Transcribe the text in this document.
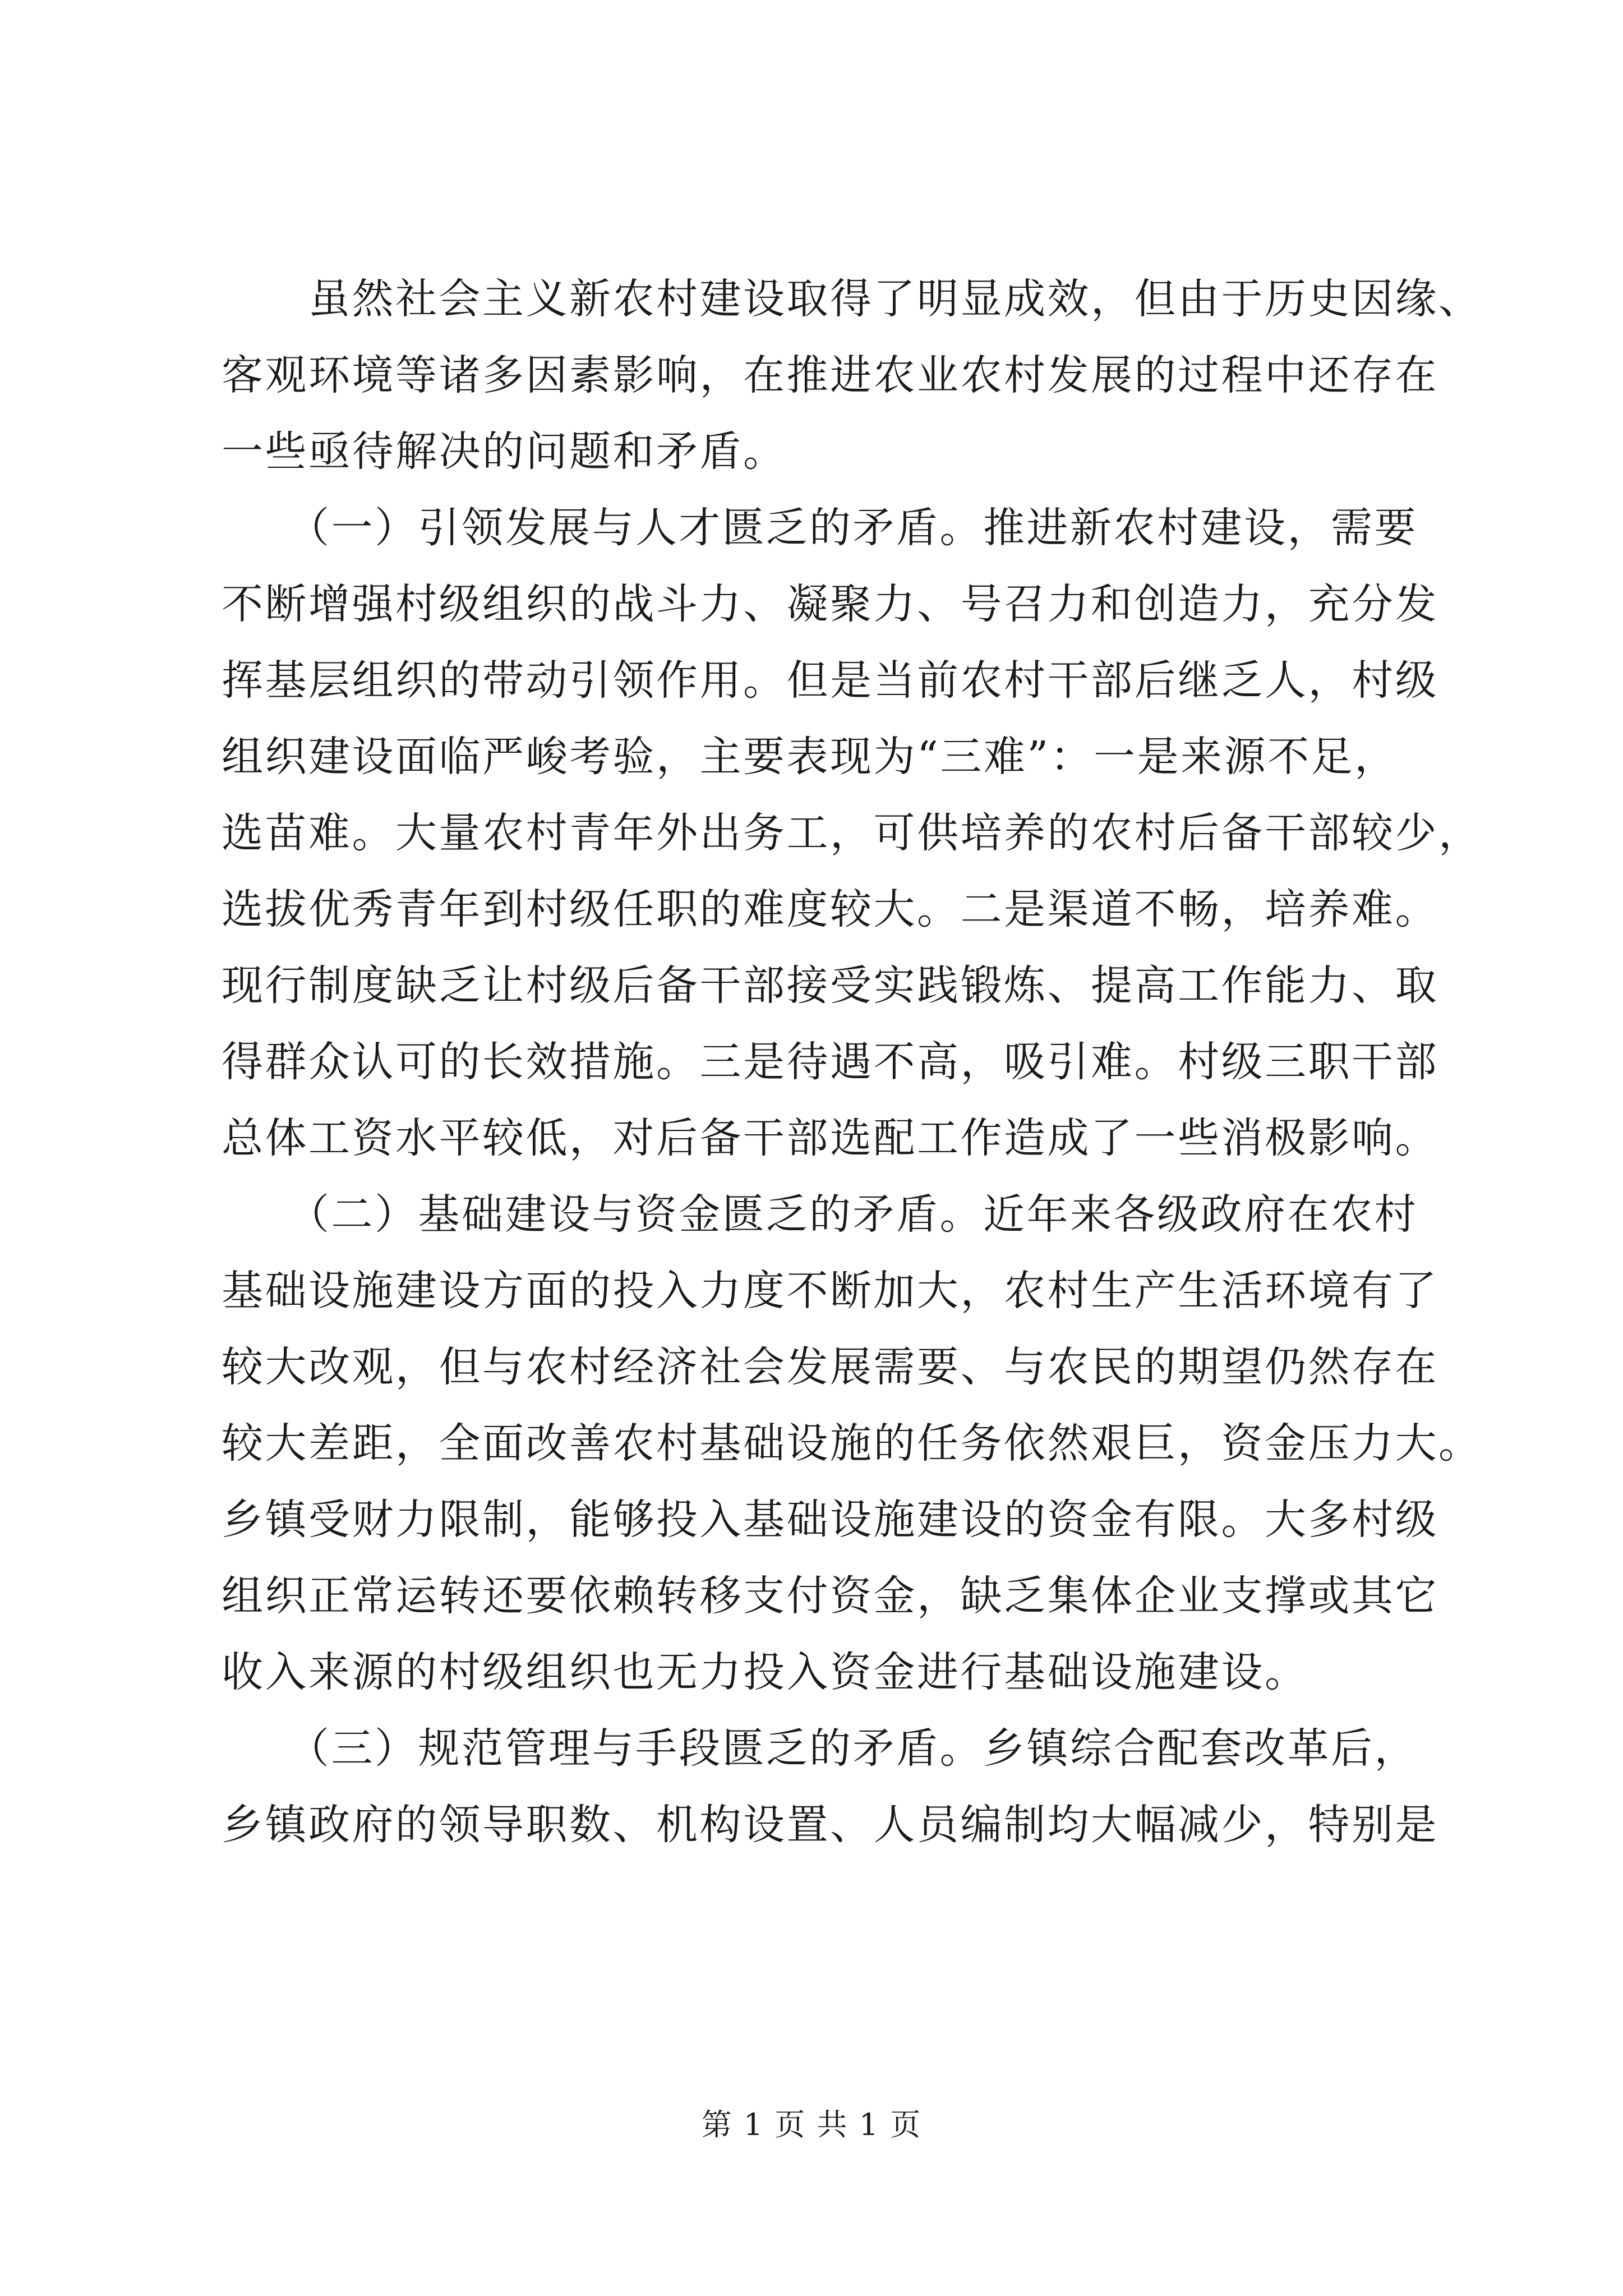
　　虽然社会主义新农村建设取得了明显成效，但由于历史因缘、
客观环境等诸多因素影响，在推进农业农村发展的过程中还存在
一些亟待解决的问题和矛盾。
　　（一）引领发展与人才匮乏的矛盾。推进新农村建设，需要
不断增强村级组织的战斗力、凝聚力、号召力和创造力，充分发
挥基层组织的带动引领作用。但是当前农村干部后继乏人，村级
组织建设面临严峻考验，主要表现为“三难”：一是来源不足，
选苗难。大量农村青年外出务工，可供培养的农村后备干部较少，
选拔优秀青年到村级任职的难度较大。二是渠道不畅，培养难。
现行制度缺乏让村级后备干部接受实践锻炼、提高工作能力、取
得群众认可的长效措施。三是待遇不高，吸引难。村级三职干部
总体工资水平较低，对后备干部选配工作造成了一些消极影响。
　　（二）基础建设与资金匮乏的矛盾。近年来各级政府在农村
基础设施建设方面的投入力度不断加大，农村生产生活环境有了
较大改观，但与农村经济社会发展需要、与农民的期望仍然存在
较大差距，全面改善农村基础设施的任务依然艰巨，资金压力大。
乡镇受财力限制，能够投入基础设施建设的资金有限。大多村级
组织正常运转还要依赖转移支付资金，缺乏集体企业支撑或其它
收入来源的村级组织也无力投入资金进行基础设施建设。
　　（三）规范管理与手段匮乏的矛盾。乡镇综合配套改革后，
乡镇政府的领导职数、机构设置、人员编制均大幅减少，特别是
第 1 页 共 1 页
